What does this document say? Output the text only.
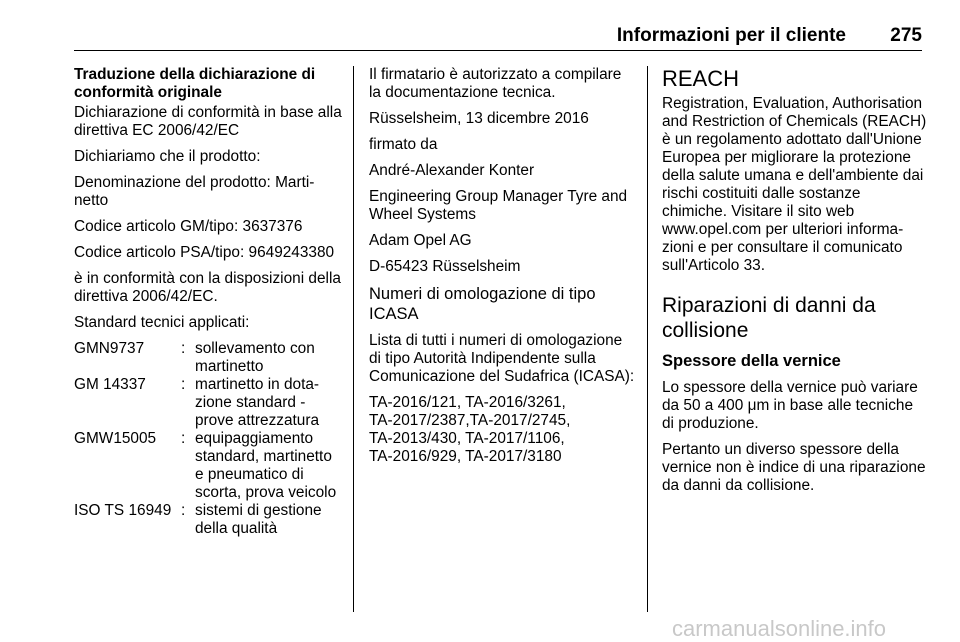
Informazioni per il cliente 275

Traduzione della dichiarazione di conformità originale

Dichiarazione di conformità in base alla direttiva EC 2006/42/EC

Dichiariamo che il prodotto:

Denominazione del prodotto: Martinetto

Codice articolo GM/tipo: 3637376

Codice articolo PSA/tipo: 9649243380

è in conformità con la disposizioni della direttiva 2006/42/EC.

Standard tecnici applicati:

GMN9737	: sollevamento con martinetto
GM 14337	: martinetto in dotazione standard - prove attrezzatura
GMW15005	: equipaggiamento standard, martinetto e pneumatico di scorta, prova veicolo
ISO TS 16949 : sistemi di gestione della qualità

Il firmatario è autorizzato a compilare la documentazione tecnica.

Rüsselsheim, 13 dicembre 2016

firmato da

André-Alexander Konter

Engineering Group Manager Tyre and Wheel Systems

Adam Opel AG

D-65423 Rüsselsheim

Numeri di omologazione di tipo ICASA

Lista di tutti i numeri di omologazione di tipo Autorità Indipendente sulla Comunicazione del Sudafrica (ICASA):

TA-2016/121, TA-2016/3261,
TA-2017/2387,TA-2017/2745,
TA-2013/430, TA-2017/1106,
TA-2016/929, TA-2017/3180

REACH

Registration, Evaluation, Authorisation and Restriction of Chemicals (REACH) è un regolamento adottato dall'Unione Europea per migliorare la protezione della salute umana e dell'ambiente dai rischi costituiti dalle sostanze chimiche. Visitare il sito web www.opel.com per ulteriori informazioni e per consultare il comunicato sull'Articolo 33.

Riparazioni di danni da collisione
Spessore della vernice

Lo spessore della vernice può variare da 50 a 400 μm in base alle tecniche di produzione.

Pertanto un diverso spessore della vernice non è indice di una riparazione da danni da collisione.

carmanualsonline.info
